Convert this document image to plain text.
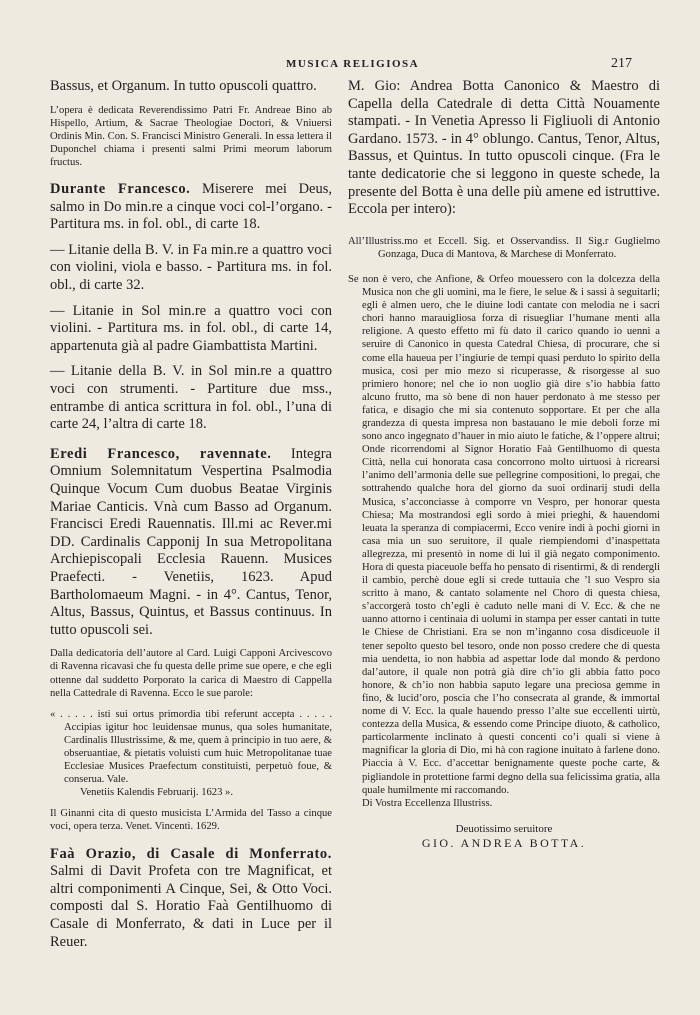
MUSICA RELIGIOSA	217

Bassus, et Organum. In tutto opuscoli quattro.

L’opera è dedicata Reverendissimo Patri Fr. Andreae Bino ab Hispello, Artium, & Sacrae Theologiae Doctori, & Vniuersi Ordinis Min. Con. S. Francisci Ministro Generali. In essa lettera il Duponchel chiama i presenti salmi Primi meorum laborum fructus.

Durante Francesco. Miserere mei Deus, salmo in Do min.re a cinque voci col-l’organo. - Partitura ms. in fol. obl., di carte 18.

— Litanie della B. V. in Fa min.re a quattro voci con violini, viola e basso. - Partitura ms. in fol. obl., di carte 32.

— Litanie in Sol min.re a quattro voci con violini. - Partitura ms. in fol. obl., di carte 14, appartenuta già al padre Giambattista Martini.

— Litanie della B. V. in Sol min.re a quattro voci con strumenti. - Partiture due mss., entrambe di antica scrittura in fol. obl., l’una di carte 24, l’altra di carte 18.

Eredi Francesco, ravennate. Integra Omnium Solemnitatum Vespertina Psalmodia Quinque Vocum Cum duobus Beatae Virginis Mariae Canticis. Vnà cum Basso ad Organum. Francisci Eredi Rauennatis. Ill.mi ac Rever.mi DD. Cardinalis Capponij In sua Metropolitana Archiepiscopali Ecclesia Rauenn. Musices Praefecti. - Venetiis, 1623. Apud Bartholomaeum Magni. - in 4°. Cantus, Tenor, Altus, Bassus, Quintus, et Bassus continuus. In tutto opuscoli sei.

Dalla dedicatoria dell’autore al Card. Luigi Capponi Arcivescovo di Ravenna ricavasi che fu questa delle prime sue opere, e che egli ottenne dal suddetto Porporato la carica di Maestro di Cappella nella Cattedrale di Ravenna. Ecco le sue parole:

« . . . . . isti sui ortus primordia tibi referunt accepta . . . . . Accipias igitur hoc leuidensae munus, qua soles humanitate, Cardinalis Illustrissime, & me, quem à principio in tuo aere, & obseruantiae, & pietatis voluisti cum huic Metropolitanae tuae Ecclesiae Musices Praefectum constituisti, perpetuò foue, & conserua. Vale.

Venetiis Kalendis Februarij. 1623 ».

Il Ginanni cita di questo musicista L’Armida del Tasso a cinque voci, opera terza. Venet. Vincenti. 1629.

Faà Orazio, di Casale di Monferrato. Salmi di Davit Profeta con tre Magnificat, et altri componimenti A Cinque, Sei, & Otto Voci. composti dal S. Horatio Faà Gentilhuomo di Casale di Monferrato, & dati in Luce per il Reuer.

M. Gio: Andrea Botta Canonico & Maestro di Capella della Catedrale di detta Città Nouamente stampati. - In Venetia Apresso li Figliuoli di Antonio Gardano. 1573. - in 4° oblungo. Cantus, Tenor, Altus, Bassus, et Quintus. In tutto opuscoli cinque. (Fra le tante dedicatorie che si leggono in queste schede, la presente del Botta è una delle più amene ed istruttive. Eccola per intero):

All’Illustriss.mo et Eccell. Sig. et Osservandiss. Il Sig.r Guglielmo Gonzaga, Duca di Mantova, & Marchese di Monferrato.

Se non è vero, che Anfione, & Orfeo mouessero con la dolcezza della Musica non che gli uomini, ma le fiere, le selue & i sassi à seguitarli; egli è almen uero, che le diuine lodi cantate con melodia ne i sacri chori hanno marauigliosa forza di risuegliar l’humane menti alla religione. A questo effetto mi fù dato il carico quando io uenni a seruire di Canonico in questa Catedral Chiesa, di procurare, che si come ella haueua per l’ingiurie de tempi quasi perduto lo spirito della musica, così per mio mezo si ricuperasse, & risorgesse al suo primiero honore; nel che io non uoglio già dire s’io habbia fatto alcuno frutto, ma sò bene di non hauer perdonato à me stesso per fatica, e disagio che mi sia contenuto sopportare. Et per che alla grandezza di questa impresa non bastauano le mie deboli forze mi sono anco ingegnato d’hauer in mio aiuto le fatiche, & l’oppere altrui; Onde ricorrendomi al Signor Horatio Faà Gentilhuomo di questa Città, nella cui honorata casa concorrono molto uirtuosi à ricrearsi l’animo dell’armonia delle sue pellegrine compositioni, lo pregai, che sottrahendo qualche hora del giorno da suoi ordinarij studi della Musica, s’acconciasse à comporre vn Vespro, per honorar questa Chiesa; Ma mostrandosi egli sordo à miei prieghi, & hauendomi leuata la speranza di compiacermi, Ecco venire indi à pochi giorni in casa mia un suo seruitore, il quale riempiendomi d’inaspettata allegrezza, mi presentò in nome di lui il già negato componimento. Hora di questa piaceuole beffa ho pensato di risentirmi, & di rendergli il cambio, perchè doue egli si crede tuttauia che ’l suo Vespro sia scritto à mano, & cantato solamente nel Choro di questa chiesa, s’accorgerà tosto ch’egli è caduto nelle mani di V. Ecc. & che ne uanno attorno i centinaia di uolumi in stampa per esser cantati in tutte le Chiese de Christiani. Era se non m’inganno cosa disdiceuole il tener sepolto questo bel tesoro, onde non posso credere che di questa mia uendetta, io non habbia ad aspettar lode dal mondo & perdono dal’autore, il quale non potrà già dire ch’io gli abbia fatto poco honore, & ch’io non habbia saputo legare una preciosa gemme in fino, & lucid’oro, poscia che l’ho consecrata al grande, & immortal nome di V. Ecc. la quale hauendo presso l’alte sue eccellenti uirtù, contezza della Musica, & essendo come Principe diuoto, & catholico, particolarmente inclinato à questi concenti co’i quali si viene à magnificar la gloria di Dio, mi hà con ragione inuitato à farlene dono. Piaccia à V. Ecc. d’accettar benignamente queste poche carte, & pigliandole in protettione farmi degno della sua felicissima gratia, alla quale humilmente mi raccomando.

Di Vostra Eccellenza Illustriss.

Deuotissimo seruitore

GIO. ANDREA BOTTA.
